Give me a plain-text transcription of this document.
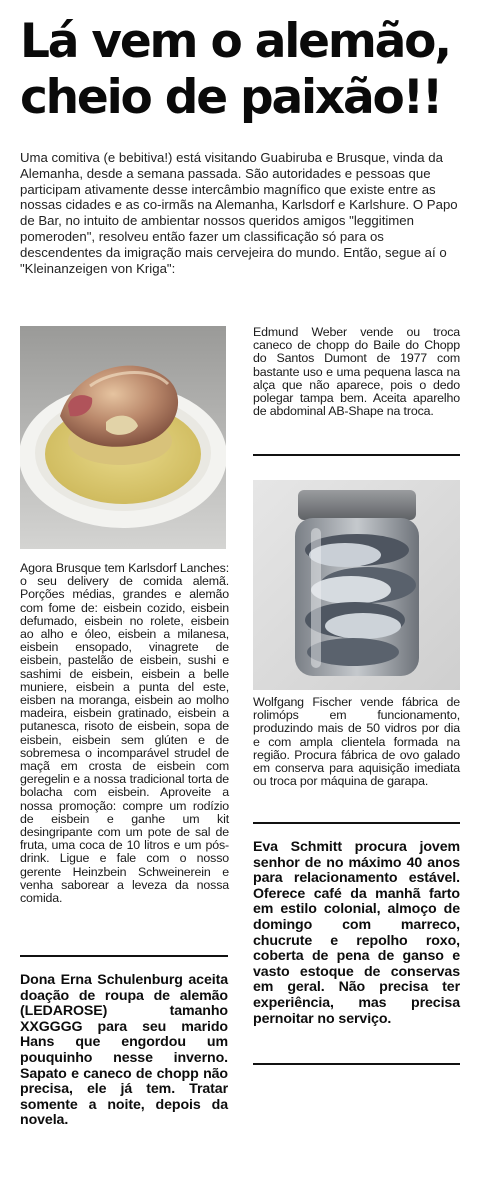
Lá vem o alemão,
cheio de paixão!!

Uma comitiva (e bebitiva!) está visitando Guabiruba e Brusque, vinda da Alemanha, desde a semana passada. São autoridades e pessoas que participam ativamente desse intercâmbio magnífico que existe entre as nossas cidades e as co-irmãs na Alemanha, Karlsdorf e Karlshure. O Papo de Bar, no intuito de ambientar nossos queridos amigos "leggitimen pomeroden", resolveu então fazer um classificação só para os descendentes da imigração mais cervejeira do mundo. Então, segue aí o "Kleinanzeigen von Kriga":

Agora Brusque tem Karlsdorf Lanches: o seu delivery de comida alemã. Porções médias, grandes e alemão com fome de: eisbein cozido, eisbein defumado, eisbein no rolete, eisbein ao alho e óleo, eisbein a milanesa, eisbein ensopado, vinagrete de eisbein, pastelão de eisbein, sushi e sashimi de eisbein, eisbein a belle muniere, eisbein a punta del este, eisben na moranga, eisbein ao molho madeira, eisbein gratinado, eisbein a putanesca, risoto de eisbein, sopa de eisbein, eisbein sem glúten e de sobremesa o incomparável strudel de maçã em crosta de eisbein com geregelin e a nossa tradicional torta de bolacha com eisbein. Aproveite a nossa promoção: compre um rodízio de eisbein e ganhe um kit desingripante com um pote de sal de fruta, uma coca de 10 litros e um pós-drink. Ligue e fale com o nosso gerente Heinzbein Schweinerein e venha saborear a leveza da nossa comida.

Dona Erna Schulenburg aceita doação de roupa de alemão (LEDAROSE) tamanho XXGGGG para seu marido Hans que engordou um pouquinho nesse inverno. Sapato e caneco de chopp não precisa, ele já tem. Tratar somente a noite, depois da novela.

Edmund Weber vende ou troca caneco de chopp do Baile do Chopp do Santos Dumont de 1977 com bastante uso e uma pequena lasca na alça que não aparece, pois o dedo polegar tampa bem. Aceita aparelho de abdominal AB-Shape na troca.

Wolfgang Fischer vende fábrica de rolimóps em funcionamento, produzindo mais de 50 vidros por dia e com ampla clientela formada na região. Procura fábrica de ovo galado em conserva para aquisição imediata ou troca por máquina de garapa.

Eva Schmitt procura jovem senhor de no máximo 40 anos para relacionamento estável. Oferece café da manhã farto em estilo colonial, almoço de domingo com marreco, chucrute e repolho roxo, coberta de pena de ganso e vasto estoque de conservas em geral. Não precisa ter experiência, mas precisa pernoitar no serviço.
